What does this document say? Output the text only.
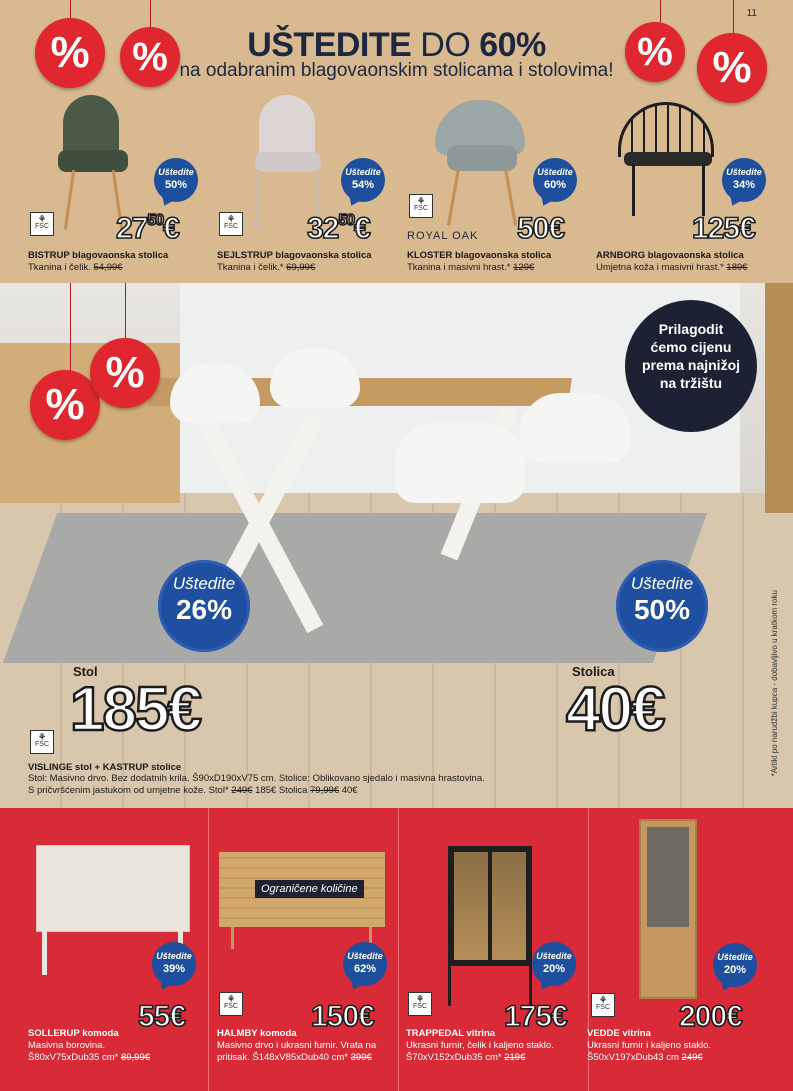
11
%	%	% %
UŠTEDITE DO 60%
na odabranim blagovaonskim stolicama i stolovima!
Uštedite
50%
⚘
FSC $27^{50}€$
BISTRUP blagovaonska stolica
Tkanina i čelik. 54,99€
Uštedite
54%
⚘
FSC $32^{50}€$
SEJLSTRUP blagovaonska stolica
Tkanina i čelik.* 69,99€
Uštedite
60%
⚘
FSC
ROYAL OAK 50€
KLOSTER blagovaonska stolica
Tkanina i masivni hrast.* 129€
Uštedite
34%
125€
ARNBORG blagovaonska stolica
Umjetna koža i masivni hrast.* 189€
%
%
Prilagodit
ćemo cijenu
prema najnižoj
na tržištu
Uštedite
26%
Uštedite
50%
Stol
185€
Stolica
40€
⚘
FSC
VISLINGE stol + KASTRUP stolice
Stol: Masivno drvo. Bez dodatnih krila. Š90xD190xV75 cm. Stolice: Oblikovano sjedalo i masivna hrastovina.
S pričvršćenim jastukom od umjetne kože. Stol* 249€ 185€ Stolica 79,99€ 40€
*Artikl po narudžbi kupca - dobavljivo u kratkom roku
Uštedite
39%
55€
SOLLERUP komoda
Masivna borovina.
Š80xV75xDub35 cm* 89,99€
Ograničene količine
Uštedite
62%
⚘
FSC 150€
HALMBY komoda
Masivno drvo i ukrasni furnir. Vrata na
pritisak. Š148xV85xDub40 cm* 399€
Uštedite
20%
⚘
FSC	175€
TRAPPEDAL vitrina
Ukrasni furnir, čelik i kaljeno staklo.
Š70xV152xDub35 cm* 219€
Uštedite
20%
⚘
FSC 200€
VEDDE vitrina
Ukrasni furnir i kaljeno staklo.
Š50xV197xDub43 cm 249€
